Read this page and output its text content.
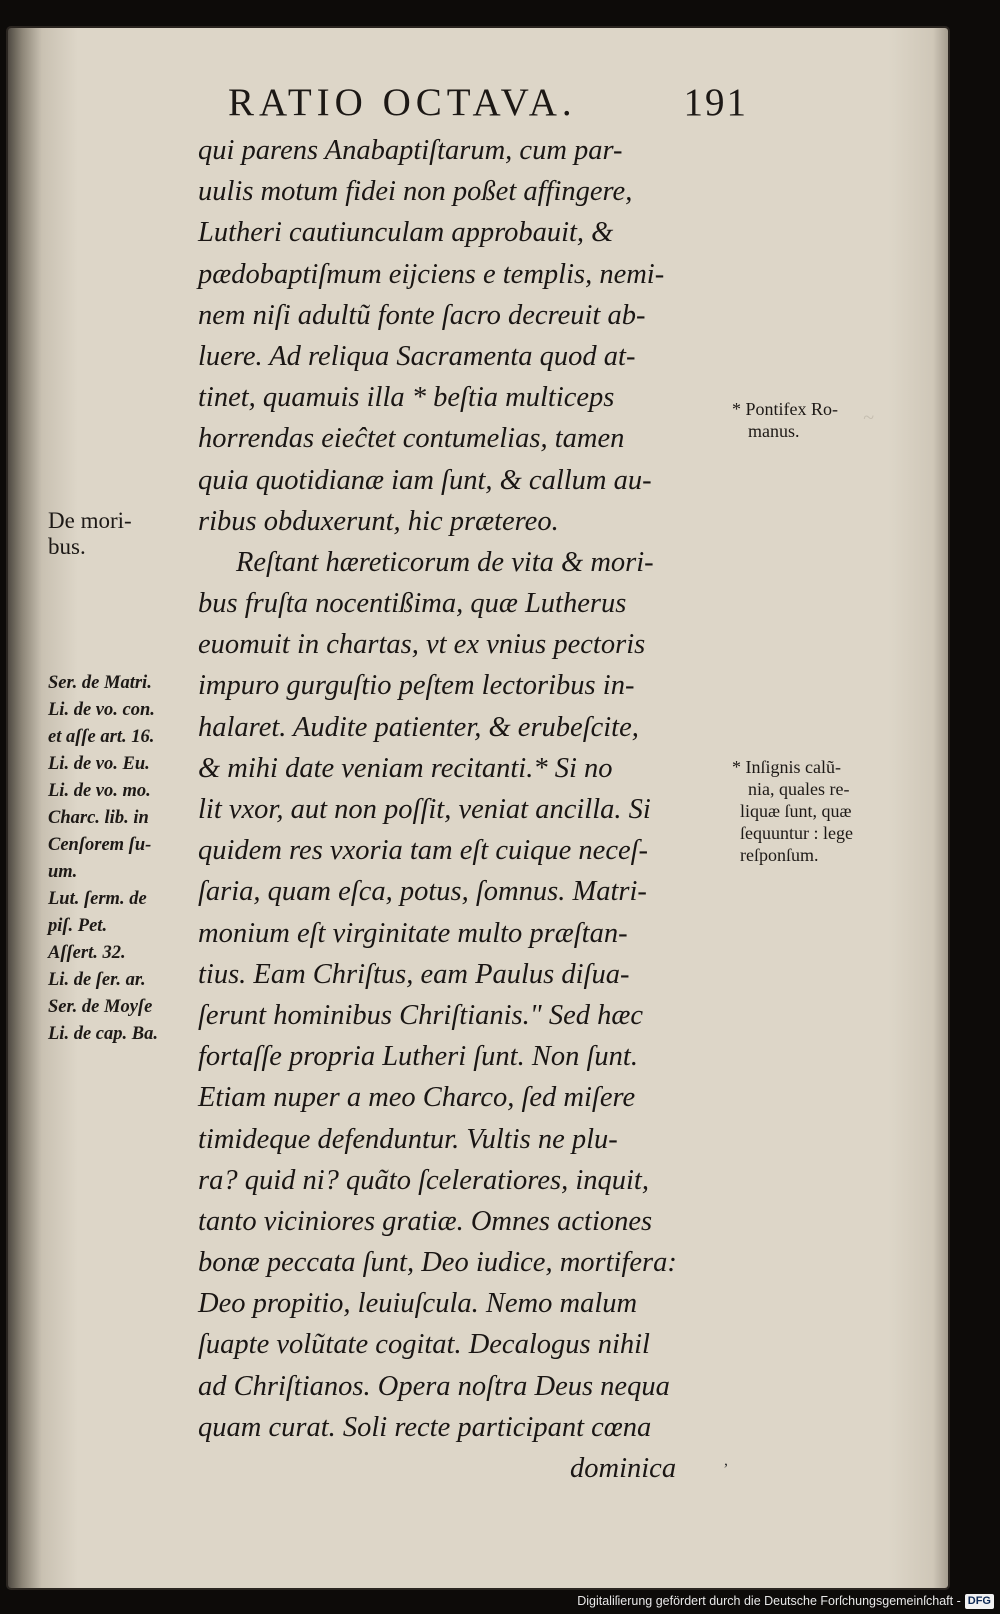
~
RATIO OCTAVA.	191
qui parens Anabaptiſtarum, cum par-
uulis motum fidei non poßet affingere,
Lutheri cautiunculam approbauit, &
pædobaptiſmum eijciens e templis, nemi-
nem niſi adultũ fonte ſacro decreuit ab-
luere. Ad reliqua Sacramenta quod at-
tinet, quamuis illa * beſtia multiceps
horrendas eieĉtet contumelias, tamen
quia quotidianæ iam ſunt, & callum au-
ribus obduxerunt, hic prætereo.
Reſtant hæreticorum de vita & mori-
bus fruſta nocentißima, quæ Lutherus
euomuit in chartas, vt ex vnius pectoris
impuro gurguſtio peſtem lectoribus in-
halaret. Audite patienter, & erubeſcite,
& mihi date veniam recitanti.* Si no
lit vxor, aut non poſſit, veniat ancilla. Si
quidem res vxoria tam eſt cuique neceſ-
ſaria, quam eſca, potus, ſomnus. Matri-
monium eſt virginitate multo præſtan-
tius. Eam Chriſtus, eam Paulus diſua-
ſerunt hominibus Chriſtianis." Sed hæc
fortaſſe propria Lutheri ſunt. Non ſunt.
Etiam nuper a meo Charco, ſed miſere
timideque defenduntur. Vultis ne plu-
ra? quid ni? quãto ſceleratiores, inquit,
tanto viciniores gratiæ. Omnes actiones
bonæ peccata ſunt, Deo iudice, mortifera:
Deo propitio, leuiuſcula. Nemo malum
ſuapte volũtate cogitat. Decalogus nihil
ad Chriſtianos. Opera noſtra Deus nequa
quam curat. Soli recte participant cœna
dominica
De mori-
bus.
Ser. de Matri.
Li. de vo. con.
et aſſe art. 16.
Li. de vo. Eu.
Li. de vo. mo.
Charc. lib. in
Cenſorem ſu-
um.
Lut. ſerm. de
piſ. Pet.
Aſſert. 32.
Li. de ſer. ar.
Ser. de Moyſe
Li. de cap. Ba.
* Pontifex Ro-
manus.
* Inſignis calũ-
nia, quales re-
liquæ ſunt, quæ
ſequuntur : lege
reſponſum.
,
Digitaliſierung gefördert durch die Deutsche Forſchungsgemeinſchaft - DFG
